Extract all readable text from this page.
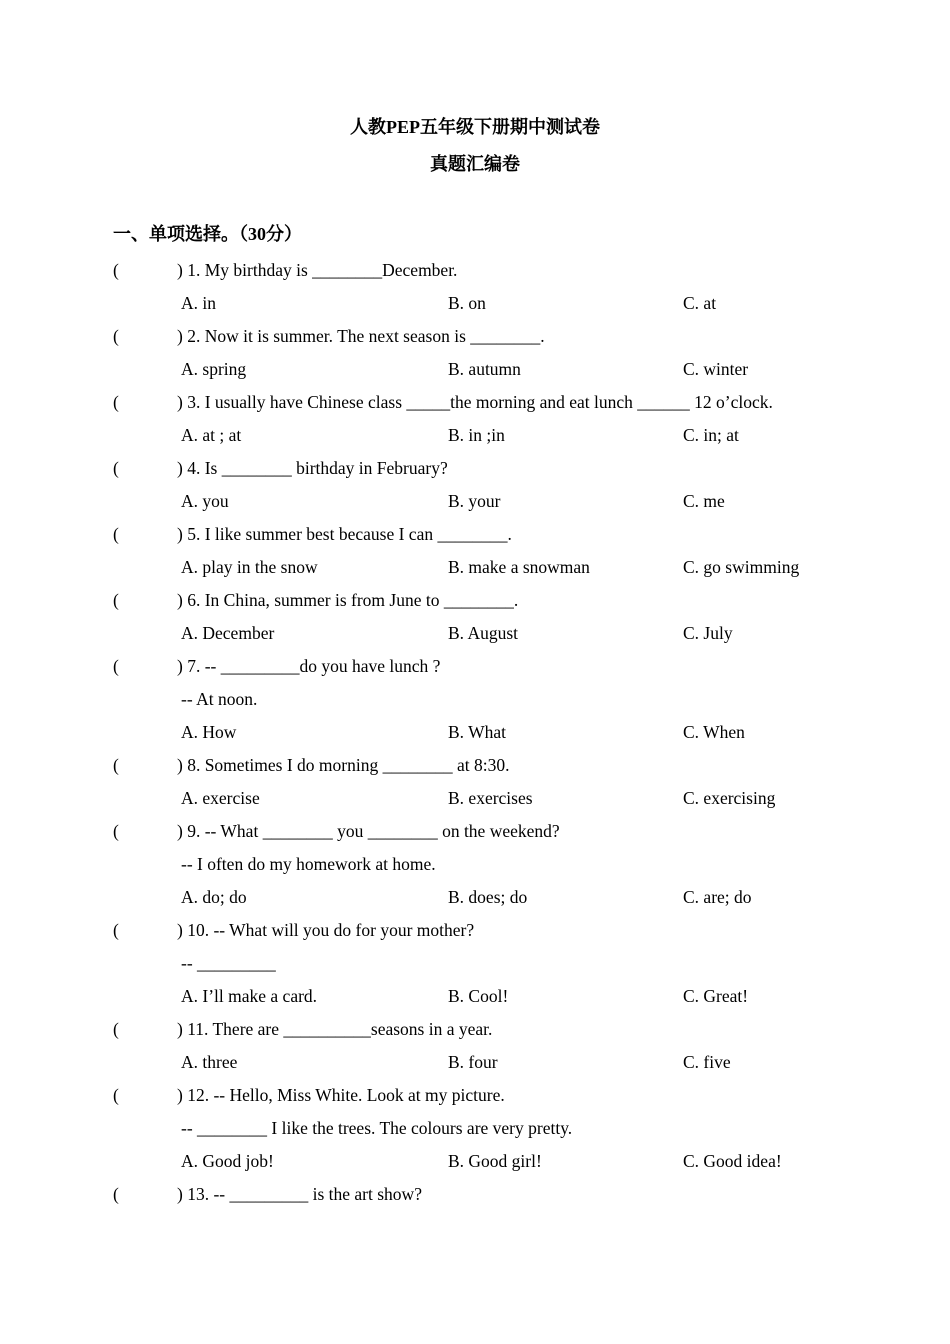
人教PEP五年级下册期中测试卷
真题汇编卷
一、单项选择。（30分）
(	) 1. My birthday is ________December.
A. in	B. on	C. at
(	) 2. Now it is summer. The next season is ________.
A. spring	B. autumn	C. winter
(	) 3. I usually have Chinese class _____the morning and eat lunch ______ 12 o’clock.
A. at ; at	B. in ;in	C. in; at
(	) 4. Is ________ birthday in February?
A. you	B. your	C. me
(	) 5. I like summer best because I can ________.
A. play in the snow	B. make a snowman	C. go swimming
(	) 6. In China, summer is from June to ________.
A. December	B. August	C. July
(	) 7. -- _________do you have lunch ?
-- At noon.
A. How	B. What	C. When
(	) 8. Sometimes I do morning ________ at 8:30.
A. exercise	B. exercises	C. exercising
(	) 9. -- What ________ you ________ on the weekend?
-- I often do my homework at home.
A. do; do	B. does; do	C. are; do
(	) 10. -- What will you do for your mother?
-- _________
A. I’ll make a card.	B. Cool!	C. Great!
(	) 11. There are __________seasons in a year.
A. three	B. four	C. five
(	) 12. -- Hello, Miss White. Look at my picture.
-- ________ I like the trees. The colours are very pretty.
A. Good job!	B. Good girl!	C. Good idea!
(	) 13. -- _________ is the art show?
